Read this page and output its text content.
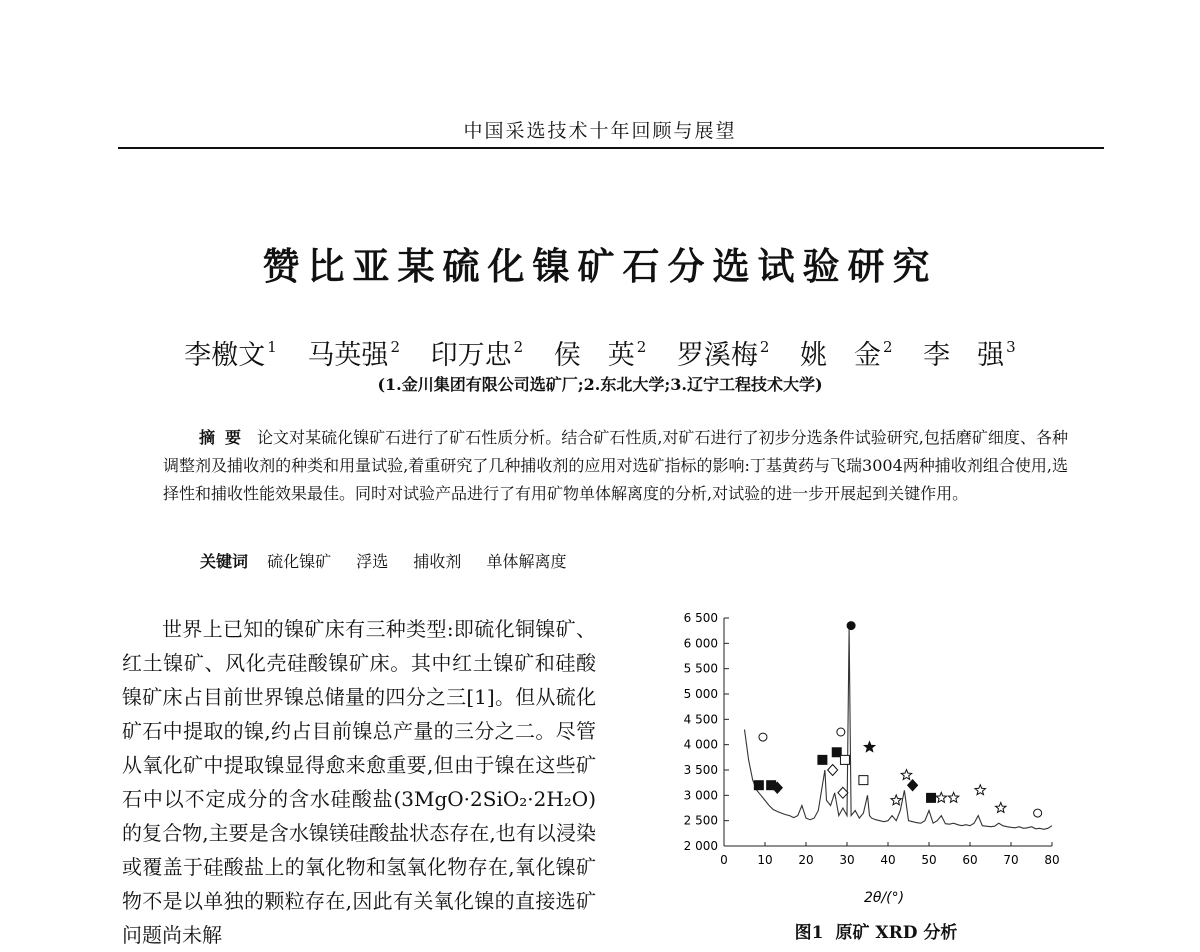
中国采选技术十年回顾与展望
赞比亚某硫化镍矿石分选试验研究
李檄文 $^1$ 马英强 $^2$ 印万忠 $^2$ 侯　英 $^2$ 罗溪梅 $^2$ 姚　金 $^2$ 李　强 $^3$
(1.金川集团有限公司选矿厂;2.东北大学;3.辽宁工程技术大学)
摘要 论文对某硫化镍矿石进行了矿石性质分析。结合矿石性质,对矿石进行了初步分选条件试验研究,包括磨矿细度、各种调整剂及捕收剂的种类和用量试验,着重研究了几种捕收剂的应用对选矿指标的影响:丁基黄药与飞瑞3004两种捕收剂组合使用,选择性和捕收性能效果最佳。同时对试验产品进行了有用矿物单体解离度的分析,对试验的进一步开展起到关键作用。
关键词 硫化镍矿 浮选 捕收剂 单体解离度

世界上已知的镍矿床有三种类型:即硫化铜镍矿、红土镍矿、风化壳硅酸镍矿床。其中红土镍矿和硅酸镍矿床占目前世界镍总储量的四分之三[1]。但从硫化矿石中提取的镍,约占目前镍总产量的三分之二。尽管从氧化矿中提取镍显得愈来愈重要,但由于镍在这些矿石中以不定成分的含水硅酸盐(3MgO·2SiO₂·2H₂O)的复合物,主要是含水镍镁硅酸盐状态存在,也有以浸染或覆盖于硅酸盐上的氧化物和氢氧化物存在,氧化镍矿物不是以单独的颗粒存在,因此有关氧化镍的直接选矿问题尚未解

2 000
2 500
3 000
3 500
4 000
4 500
5 000
5 500
6 000
6 500
0 10 20 30 40 50 60 70 80
2θ/(°)
图1 原矿 XRD 分析
